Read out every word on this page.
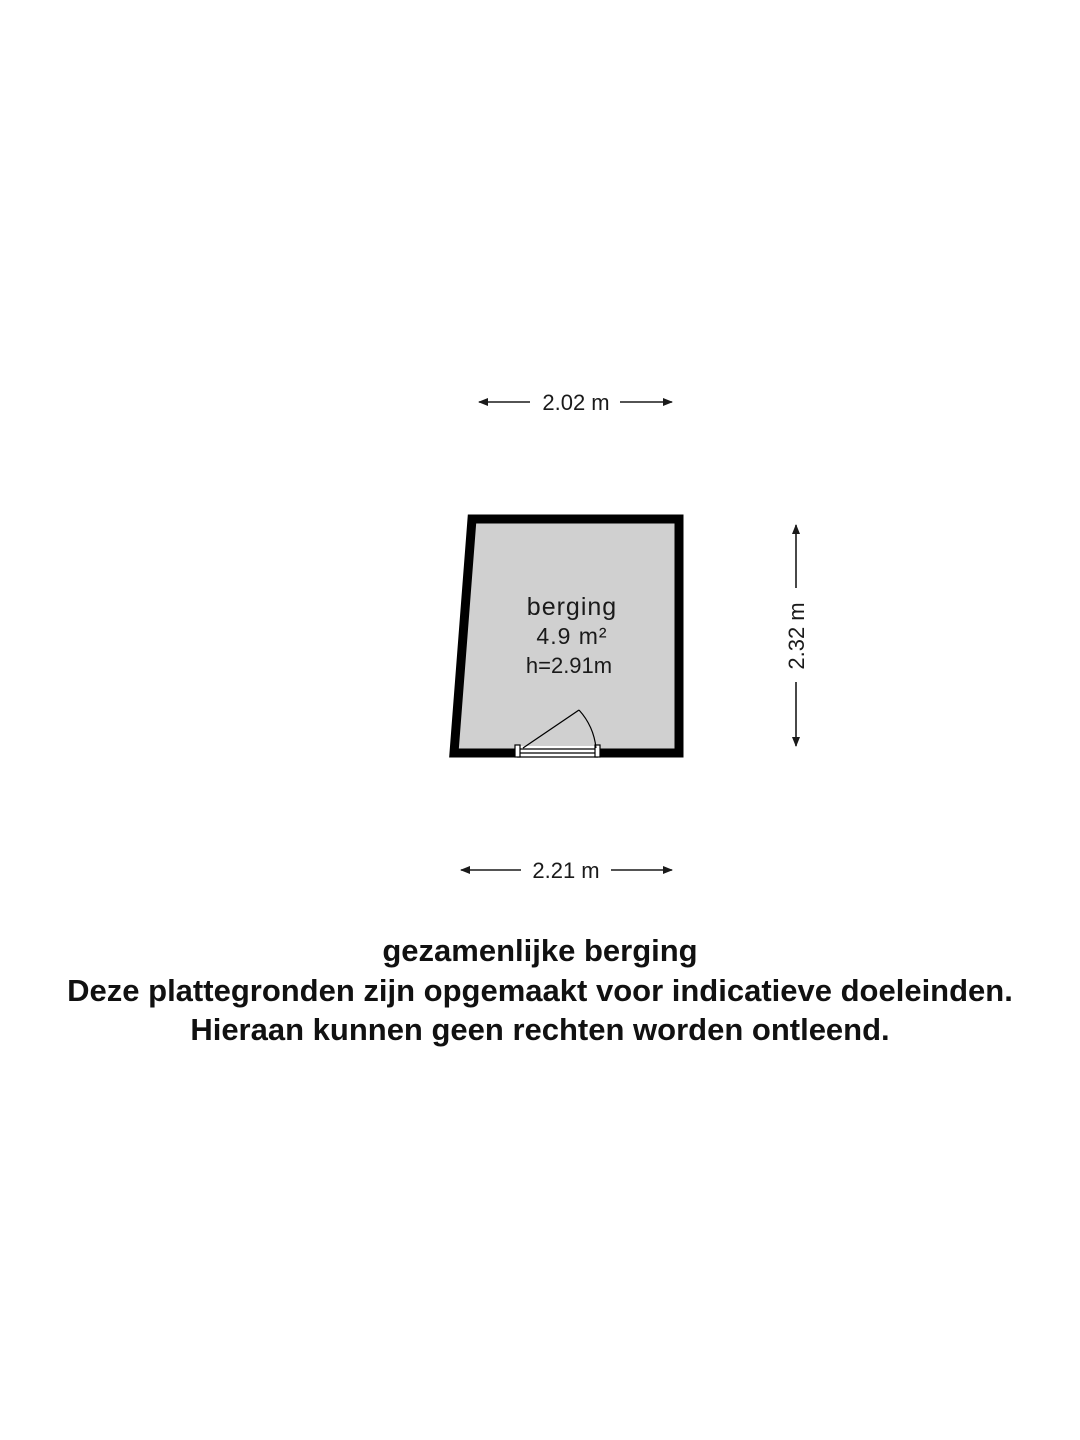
2.02 m
berging
4.9 m²
h=2.91m	2.32 m
2.21 m
gezamenlijke berging
Deze plattegronden zijn opgemaakt voor indicatieve doeleinden.
Hieraan kunnen geen rechten worden ontleend.
